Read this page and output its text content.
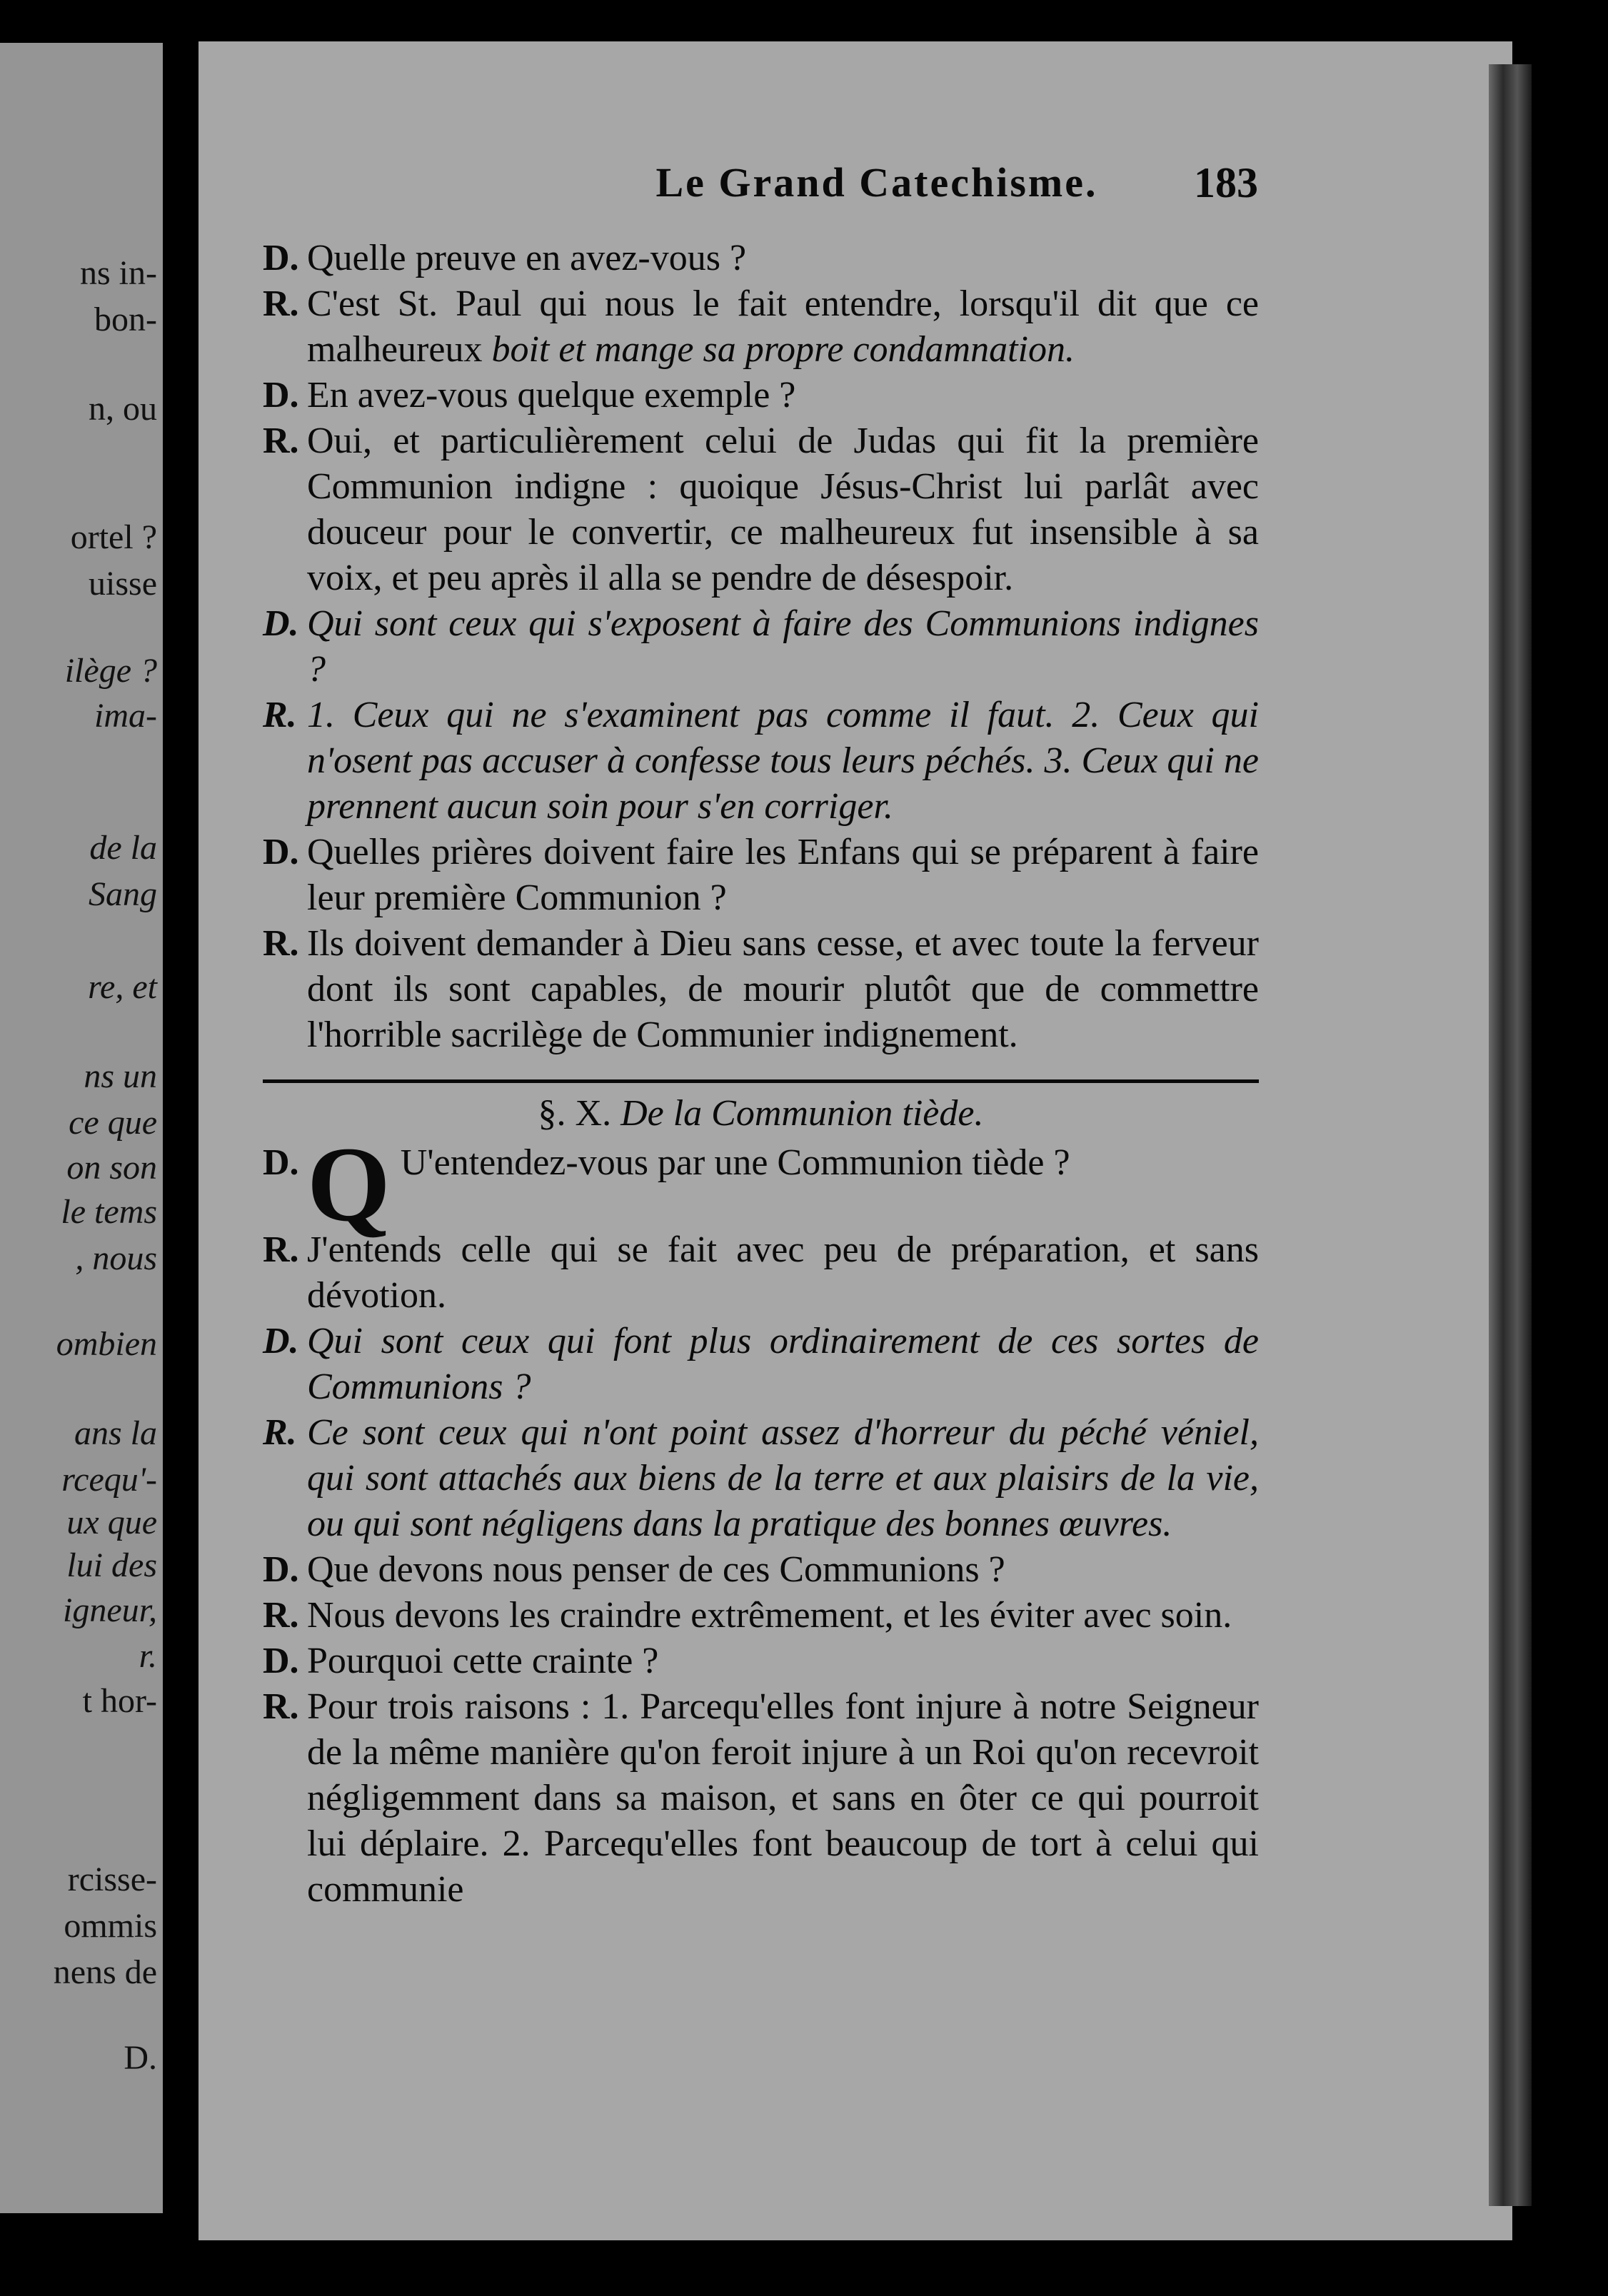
ns in-
bon-
n, ou
ortel ?
uisse
ilège ?
ima-
de la
Sang
re, et
ns un
ce que
on son
le tems
, nous
ombien
ans la
rcequ'-
ux que
lui des
igneur,
r.
t hor-
rcisse-
ommis
nens de
D.
Le Grand Catechisme.	183
D. Quelle preuve en avez-vous ?

R. C'est St. Paul qui nous le fait entendre, lorsqu'il dit que ce malheureux boit et mange sa propre condamnation.

D. En avez-vous quelque exemple ?

R. Oui, et particulièrement celui de Judas qui fit la première Communion indigne : quoique Jésus-Christ lui parlât avec douceur pour le convertir, ce malheureux fut insensible à sa voix, et peu après il alla se pendre de désespoir.

D. Qui sont ceux qui s'exposent à faire des Communions indignes ?

R. 1. Ceux qui ne s'examinent pas comme il faut. 2. Ceux qui n'osent pas accuser à confesse tous leurs péchés. 3. Ceux qui ne prennent aucun soin pour s'en corriger.

D. Quelles prières doivent faire les Enfans qui se préparent à faire leur première Communion ?

R. Ils doivent demander à Dieu sans cesse, et avec toute la ferveur dont ils sont capables, de mourir plutôt que de commettre l'horrible sacrilège de Communier indignement.

§. X. De la Communion tiède.
D. Q U'entendez-vous par une Communion tiède ?

R. J'entends celle qui se fait avec peu de préparation, et sans dévotion.

D. Qui sont ceux qui font plus ordinairement de ces sortes de Communions ?

R. Ce sont ceux qui n'ont point assez d'horreur du péché véniel, qui sont attachés aux biens de la terre et aux plaisirs de la vie, ou qui sont négligens dans la pratique des bonnes œuvres.

D. Que devons nous penser de ces Communions ?

R. Nous devons les craindre extrêmement, et les éviter avec soin.

D. Pourquoi cette crainte ?

R. Pour trois raisons : 1. Parcequ'elles font injure à notre Seigneur de la même manière qu'on feroit injure à un Roi qu'on recevroit négligemment dans sa maison, et sans en ôter ce qui pourroit lui déplaire. 2. Parcequ'elles font beaucoup de tort à celui qui communie
